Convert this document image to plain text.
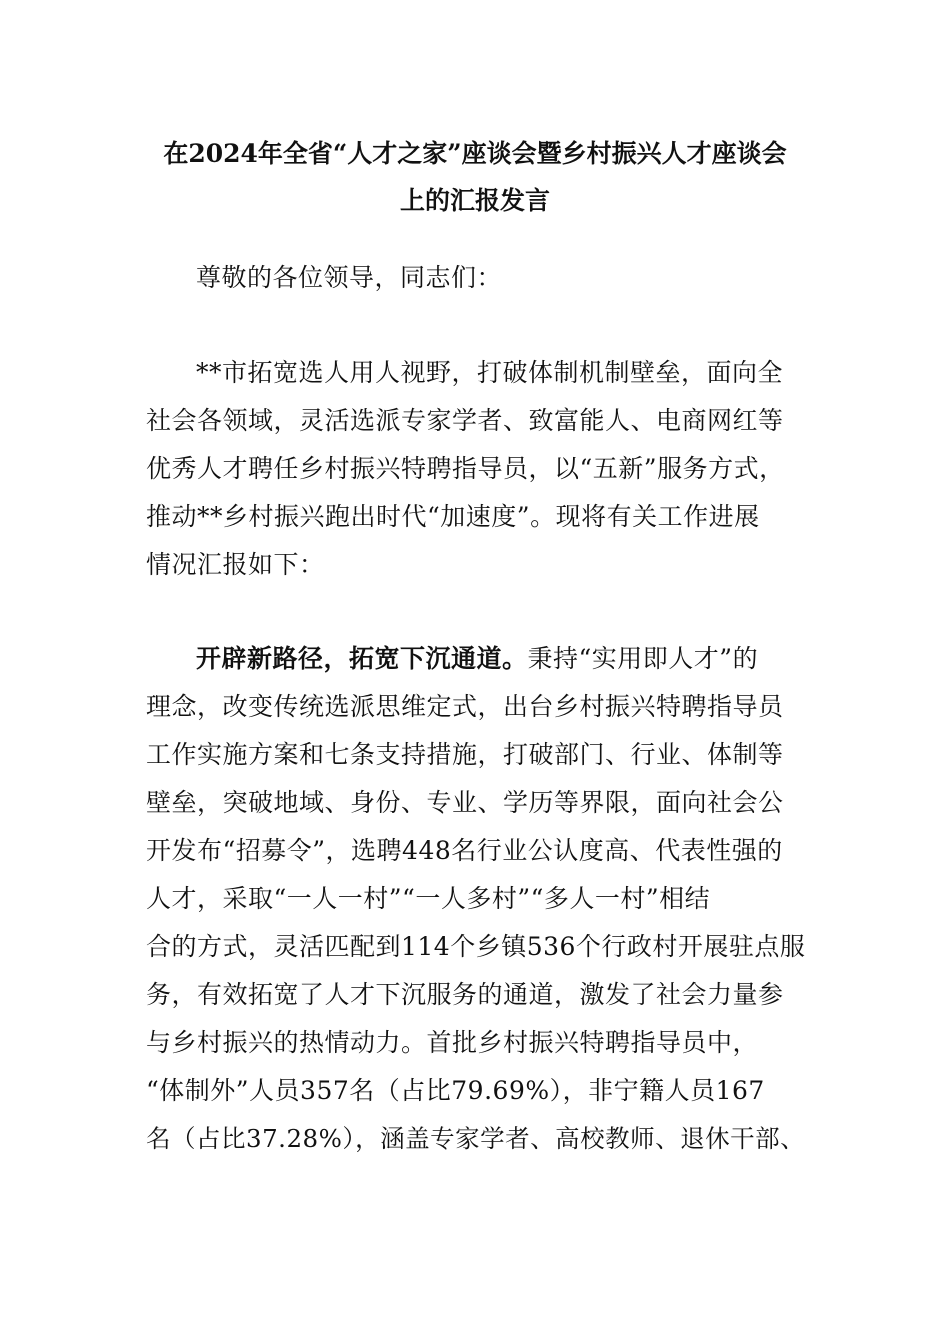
在2024年全省“人才之家”座谈会暨乡村振兴人才座谈会
上的汇报发言
尊敬的各位领导，同志们：
**市拓宽选人用人视野，打破体制机制壁垒，面向全
社会各领域，灵活选派专家学者、致富能人、电商网红等
优秀人才聘任乡村振兴特聘指导员，以“五新”服务方式，
推动**乡村振兴跑出时代“加速度”。现将有关工作进展
情况汇报如下：
开辟新路径，拓宽下沉通道。秉持“实用即人才”的
理念，改变传统选派思维定式，出台乡村振兴特聘指导员
工作实施方案和七条支持措施，打破部门、行业、体制等
壁垒，突破地域、身份、专业、学历等界限，面向社会公
开发布“招募令”，选聘448名行业公认度高、代表性强的
人才，采取“一人一村”“一人多村”“多人一村”相结
合的方式，灵活匹配到114个乡镇536个行政村开展驻点服
务，有效拓宽了人才下沉服务的通道，激发了社会力量参
与乡村振兴的热情动力。首批乡村振兴特聘指导员中，
“体制外”人员357名（占比79.69%），非宁籍人员167
名（占比37.28%），涵盖专家学者、高校教师、退休干部、
